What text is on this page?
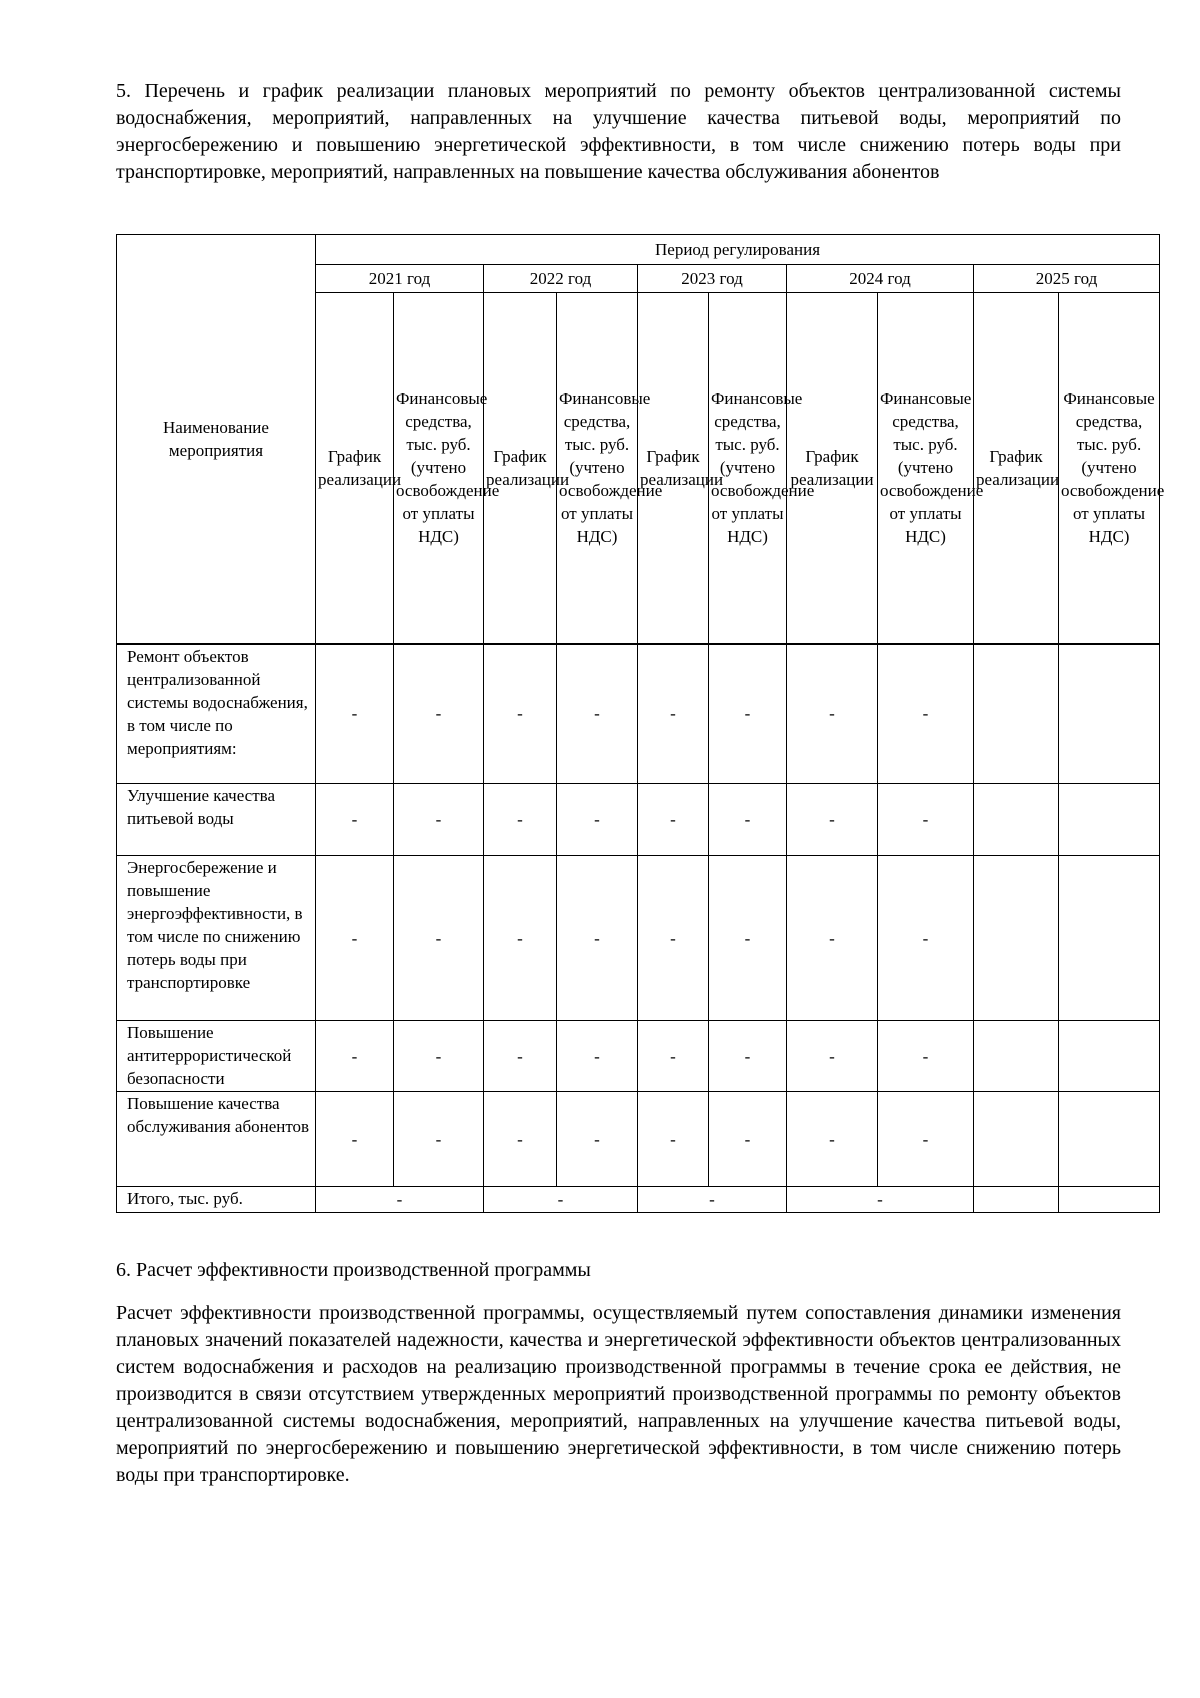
5. Перечень и график реализации плановых мероприятий по ремонту объектов централизованной системы водоснабжения, мероприятий, направленных на улучшение качества питьевой воды, мероприятий по энергосбережению и повышению энергетической эффективности, в том числе снижению потерь воды при транспортировке, мероприятий, направленных на повышение качества обслуживания абонентов
Наименование мероприятия	Период регулирования									
	2021 год		2022 год		2023 год		2024 год		2025 год	
	График реализации	Финансовые средства, тыс. руб. (учтено освобождение от уплаты НДС)	График реализации	Финансовые средства, тыс. руб. (учтено освобождение от уплаты НДС)	График реализации	Финансовые средства, тыс. руб. (учтено освобождение от уплаты НДС)	График реализации	Финансовые средства, тыс. руб. (учтено освобождение от уплаты НДС)	График реализации	Финансовые средства, тыс. руб. (учтено освобождение от уплаты НДС)
Ремонт объектов централизованной системы водоснабжения, в том числе по мероприятиям:	-	-	-	-	-	-	-	-		
Улучшение качества питьевой воды	-	-	-	-	-	-	-	-		
Энергосбережение и повышение энергоэффективности, в том числе по снижению потерь воды при транспортировке	-	-	-	-	-	-	-	-		
Повышение антитеррористической безопасности	-	-	-	-	-	-	-	-		
Повышение качества обслуживания абонентов	-	-	-	-	-	-	-	-		
Итого, тыс. руб.	-		-		-		-			
6. Расчет эффективности производственной программы
Расчет эффективности производственной программы, осуществляемый путем сопоставления динамики изменения плановых значений показателей надежности, качества и энергетической эффективности объектов централизованных систем водоснабжения и расходов на реализацию производственной программы в течение срока ее действия, не производится в связи отсутствием утвержденных мероприятий производственной программы по ремонту объектов централизованной системы водоснабжения, мероприятий, направленных на улучшение качества питьевой воды, мероприятий по энергосбережению и повышению энергетической эффективности, в том числе снижению потерь воды при транспортировке.
